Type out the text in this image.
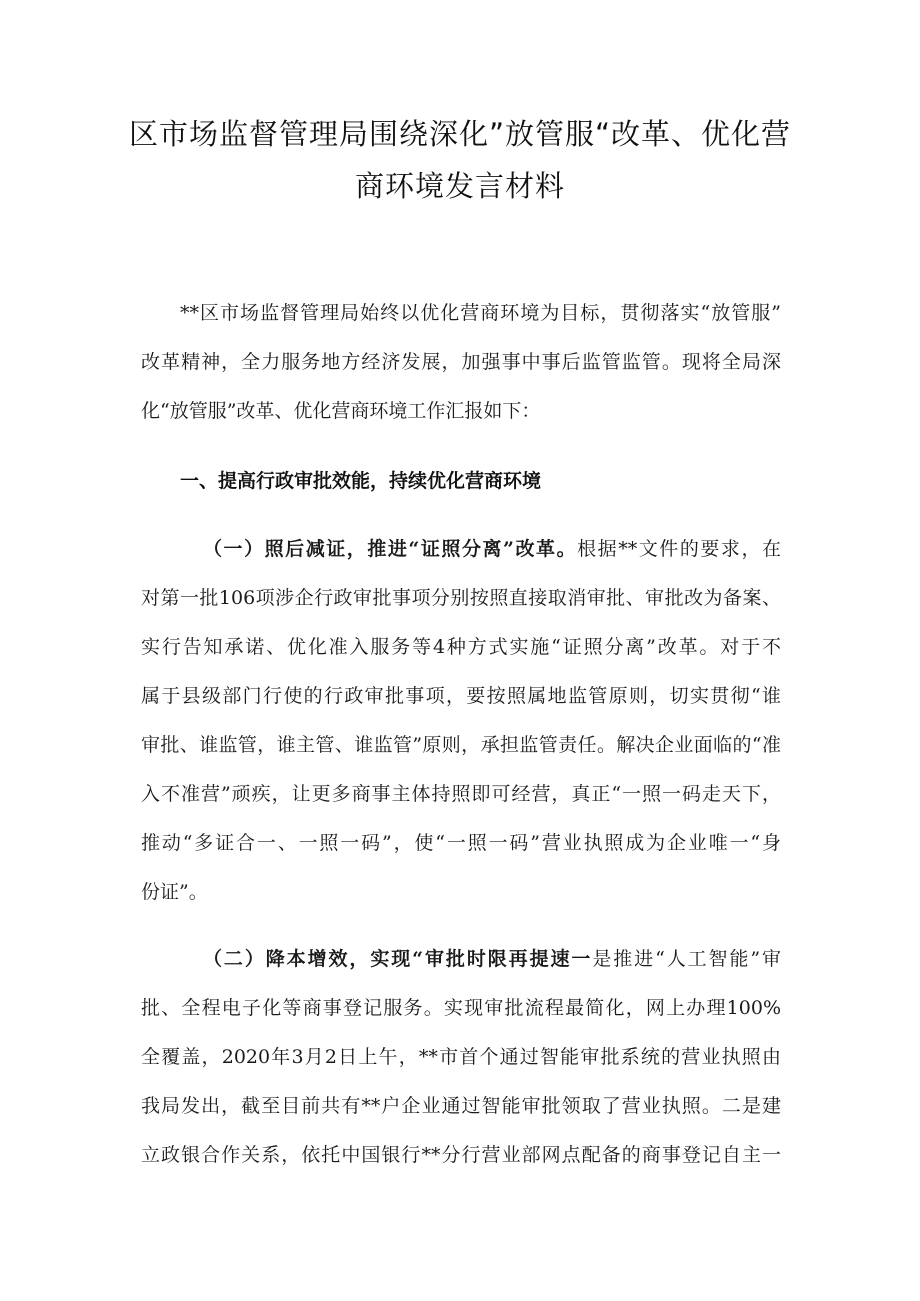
区市场监督管理局围绕深化”放管服“改革、优化营
商环境发言材料
**区市场监督管理局始终以优化营商环境为目标，贯彻落实“放管服”
改革精神，全力服务地方经济发展，加强事中事后监管监管。现将全局深
化“放管服”改革、优化营商环境工作汇报如下：
一、提高行政审批效能，持续优化营商环境
（一）照后减证，推进“证照分离”改革。根据**文件的要求，在
对第一批106项涉企行政审批事项分别按照直接取消审批、审批改为备案、
实行告知承诺、优化准入服务等4种方式实施“证照分离”改革。对于不
属于县级部门行使的行政审批事项，要按照属地监管原则，切实贯彻“谁
审批、谁监管，谁主管、谁监管”原则，承担监管责任。解决企业面临的“准
入不准营”顽疾，让更多商事主体持照即可经营，真正“一照一码走天下，
推动“多证合一、一照一码”，使“一照一码”营业执照成为企业唯一“身
份证”。
（二）降本增效，实现“审批时限再提速一是推进“人工智能”审
批、全程电子化等商事登记服务。实现审批流程最简化，网上办理100%
全覆盖，2020年3月2日上午，**市首个通过智能审批系统的营业执照由
我局发出，截至目前共有**户企业通过智能审批领取了营业执照。二是建
立政银合作关系，依托中国银行**分行营业部网点配备的商事登记自主一
